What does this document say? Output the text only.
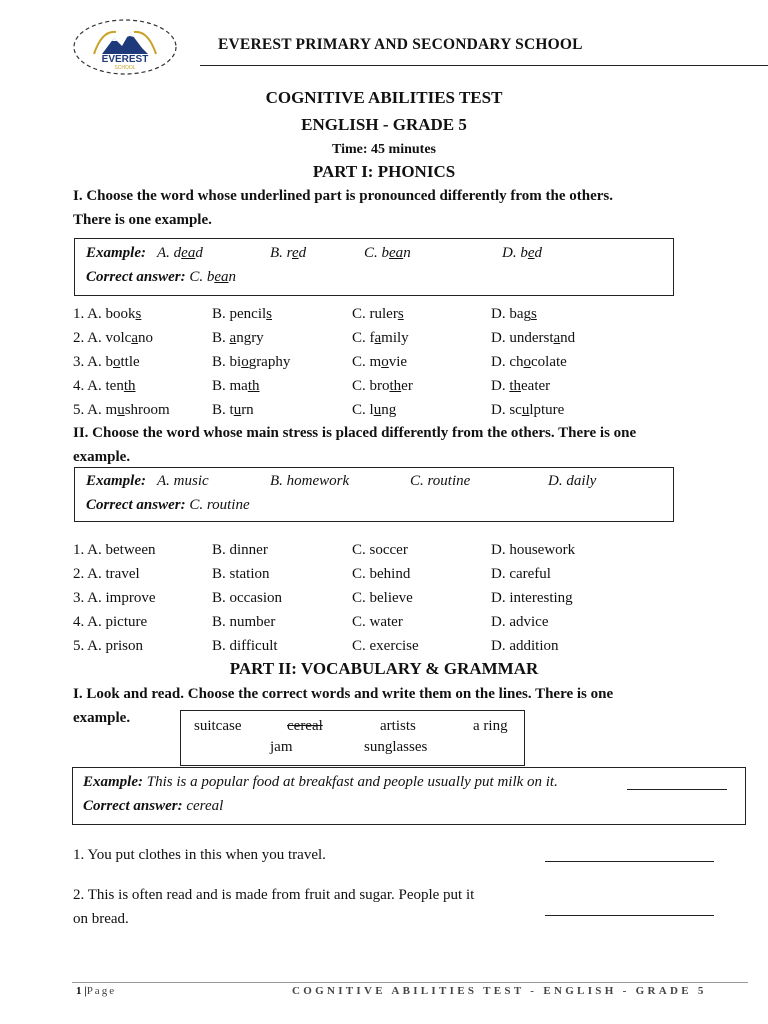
EVEREST
SCHOOL
EVEREST PRIMARY AND SECONDARY SCHOOL
COGNITIVE ABILITIES TEST
ENGLISH - GRADE 5
Time: 45 minutes
PART I: PHONICS
I. Choose the word whose underlined part is pronounced differently from the others.
There is one example.
Example: A. dead	B. red	C. bean	D. bed
Correct answer: C. bean
1. A. books	B. pencils	C. rulers	D. bags
2. A. volcano	B. angry	C. family	D. understand
3. A. bottle	B. biography	C. movie	D. chocolate
4. A. tenth	B. math	C. brother	D. theater
5. A. mushroom	B. turn	C. lung	D. sculpture
II. Choose the word whose main stress is placed differently from the others. There is one
example.
Example: A. music	B. homework	C. routine	D. daily
Correct answer: C. routine
1. A. between	B. dinner	C. soccer	D. housework
2. A. travel	B. station	C. behind	D. careful
3. A. improve	B. occasion	C. believe	D. interesting
4. A. picture	B. number	C. water	D. advice
5. A. prison	B. difficult	C. exercise	D. addition
PART II: VOCABULARY & GRAMMAR
I. Look and read. Choose the correct words and write them on the lines. There is one
example.	suitcase	cereal	artists	a ring
jam	sunglasses
Example: This is a popular food at breakfast and people usually put milk on it.
Correct answer: cereal
1. You put clothes in this when you travel.
2. This is often read and is made from fruit and sugar. People put it
on bread.
1 |Page	COGNITIVE ABILITIES TEST - ENGLISH - GRADE 5
